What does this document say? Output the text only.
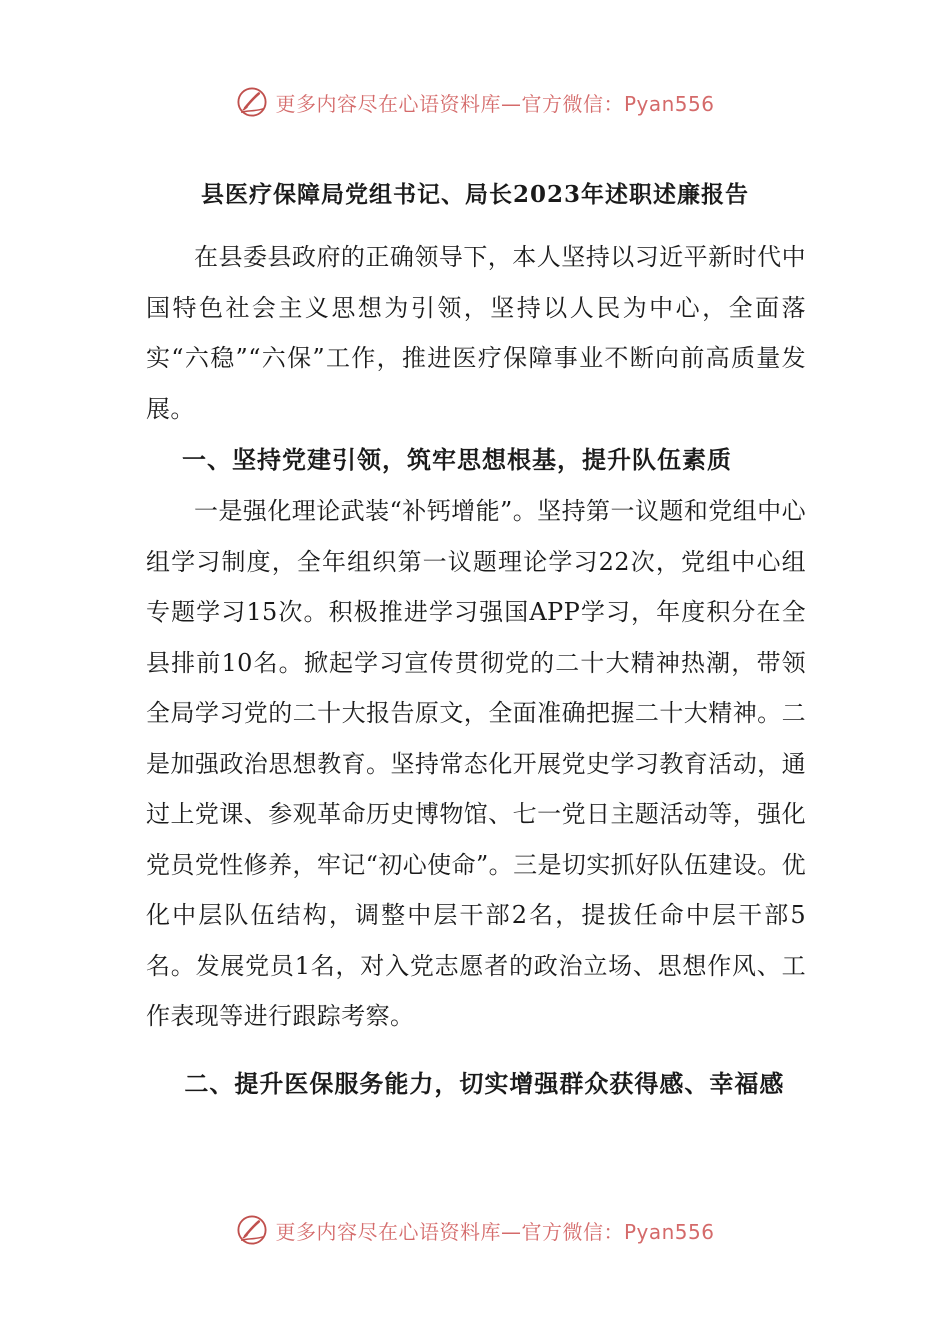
更多内容尽在心语资料库—官方微信：Pyan556
县医疗保障局党组书记、局长2023年述职述廉报告

在县委县政府的正确领导下，本人坚持以习近平新时代中国特色社会主义思想为引领，坚持以人民为中心，全面落实“六稳”“六保”工作，推进医疗保障事业不断向前高质量发展。

一、坚持党建引领，筑牢思想根基，提升队伍素质

一是强化理论武装“补钙增能”。坚持第一议题和党组中心组学习制度，全年组织第一议题理论学习22次，党组中心组专题学习15次。积极推进学习强国APP学习，年度积分在全县排前10名。掀起学习宣传贯彻党的二十大精神热潮，带领全局学习党的二十大报告原文，全面准确把握二十大精神。二是加强政治思想教育。坚持常态化开展党史学习教育活动，通过上党课、参观革命历史博物馆、七一党日主题活动等，强化党员党性修养，牢记“初心使命”。三是切实抓好队伍建设。优化中层队伍结构，调整中层干部2名，提拔任命中层干部5名。发展党员1名，对入党志愿者的政治立场、思想作风、工作表现等进行跟踪考察。

二、提升医保服务能力，切实增强群众获得感、幸福感

更多内容尽在心语资料库—官方微信：Pyan556
